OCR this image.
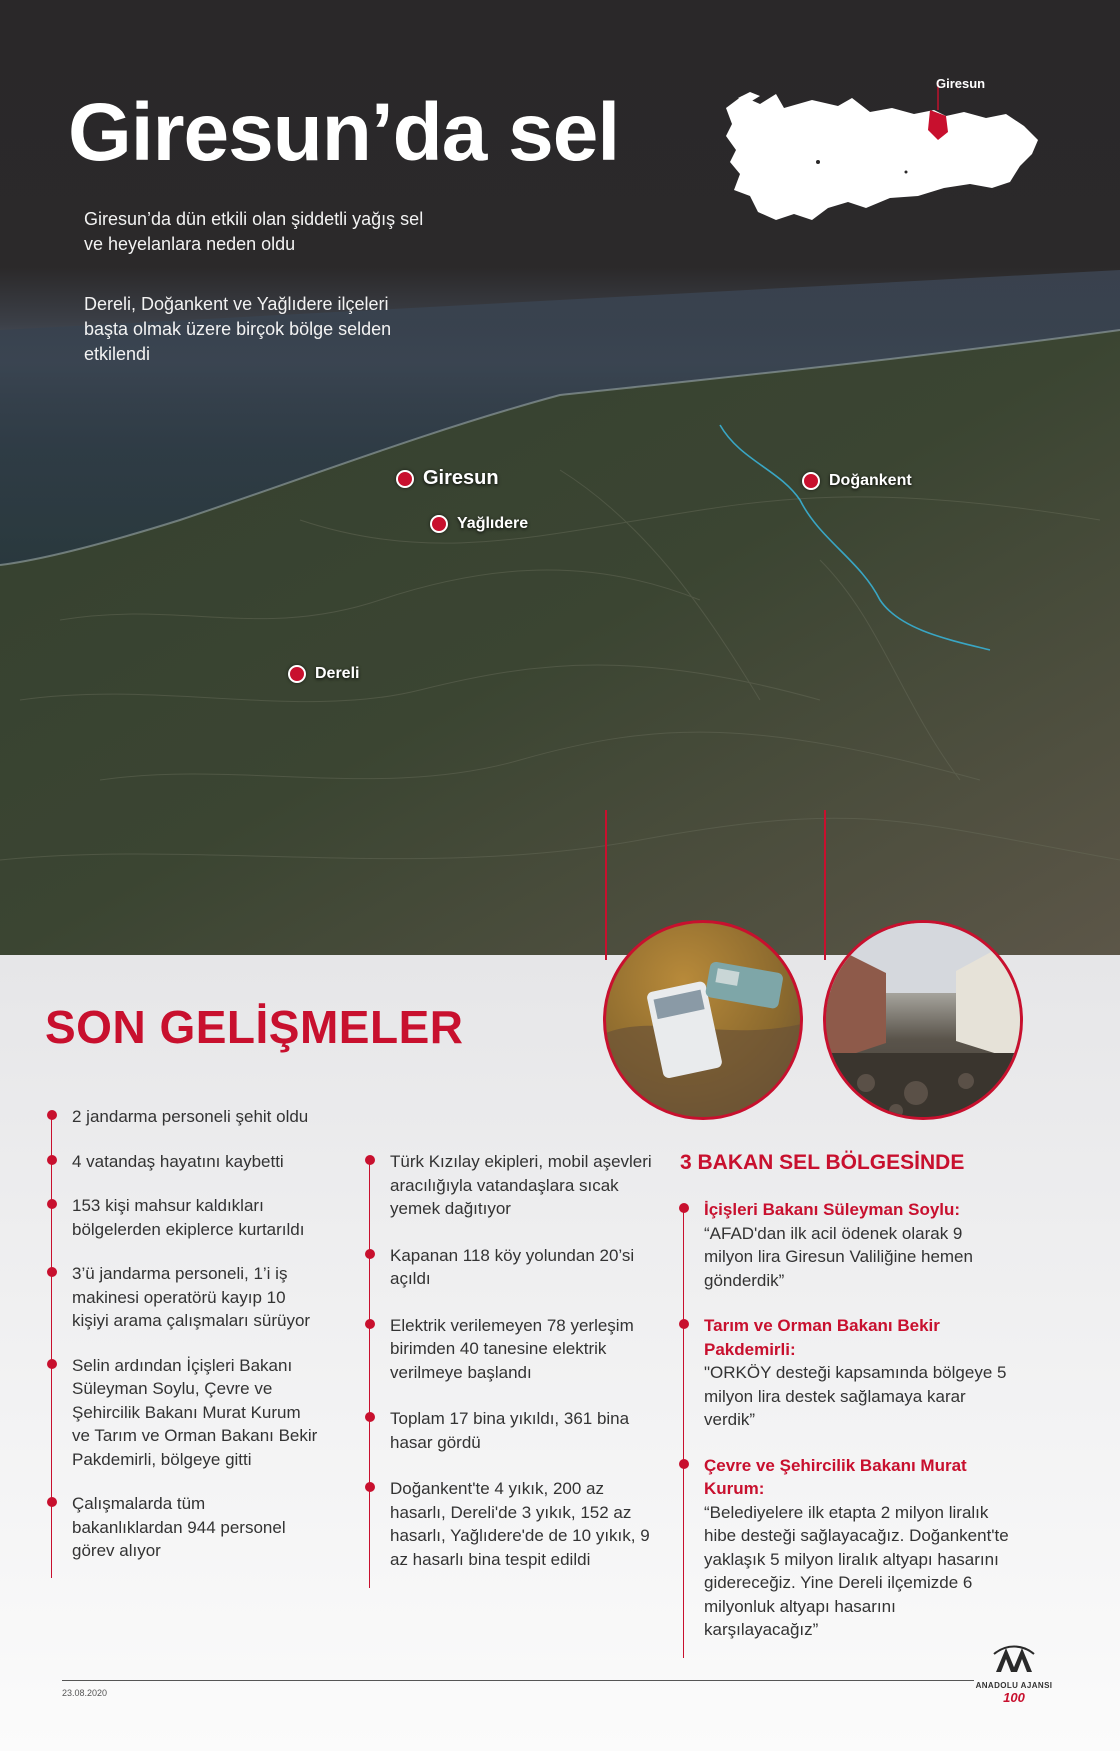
Giresun’da sel
Giresun’da dün etkili olan şiddetli yağış sel ve heyelanlara neden oldu
Dereli, Doğankent ve Yağlıdere ilçeleri başta olmak üzere birçok bölge selden etkilendi
Giresun
Giresun
Yağlıdere
Doğankent
Dereli
SON GELİŞMELER
2 jandarma personeli şehit oldu
4 vatandaş hayatını kaybetti
153 kişi mahsur kaldıkları bölgelerden ekiplerce kurtarıldı
3’ü jandarma personeli, 1’i iş makinesi operatörü kayıp 10 kişiyi arama çalışmaları sürüyor
Selin ardından İçişleri Bakanı Süleyman Soylu, Çevre ve Şehircilik Bakanı Murat Kurum ve Tarım ve Orman Bakanı Bekir Pakdemirli, bölgeye gitti
Çalışmalarda tüm bakanlıklardan 944 personel görev alıyor
Türk Kızılay ekipleri, mobil aşevleri aracılığıyla vatandaşlara sıcak yemek dağıtıyor
Kapanan 118 köy yolundan 20’si açıldı
Elektrik verilemeyen 78 yerleşim birimden 40 tanesine elektrik verilmeye başlandı
Toplam 17 bina yıkıldı, 361 bina hasar gördü
Doğankent'te 4 yıkık, 200 az hasarlı, Dereli'de 3 yıkık, 152 az hasarlı, Yağlıdere'de de 10 yıkık, 9 az hasarlı bina tespit edildi
3 BAKAN SEL BÖLGESİNDE
İçişleri Bakanı Süleyman Soylu:
“AFAD'dan ilk acil ödenek olarak 9 milyon lira Giresun Valiliğine hemen gönderdik”
Tarım ve Orman Bakanı Bekir Pakdemirli:
"ORKÖY desteği kapsamında bölgeye 5 milyon lira destek sağlamaya karar verdik”
Çevre ve Şehircilik Bakanı Murat Kurum:
“Belediyelere ilk etapta 2 milyon liralık hibe desteği sağlayacağız. Doğankent'te yaklaşık 5 milyon liralık altyapı hasarını gidereceğiz. Yine Dereli ilçemizde 6 milyonluk altyapı hasarını karşılayacağız”
23.08.2020
ANADOLU AJANSI
100
